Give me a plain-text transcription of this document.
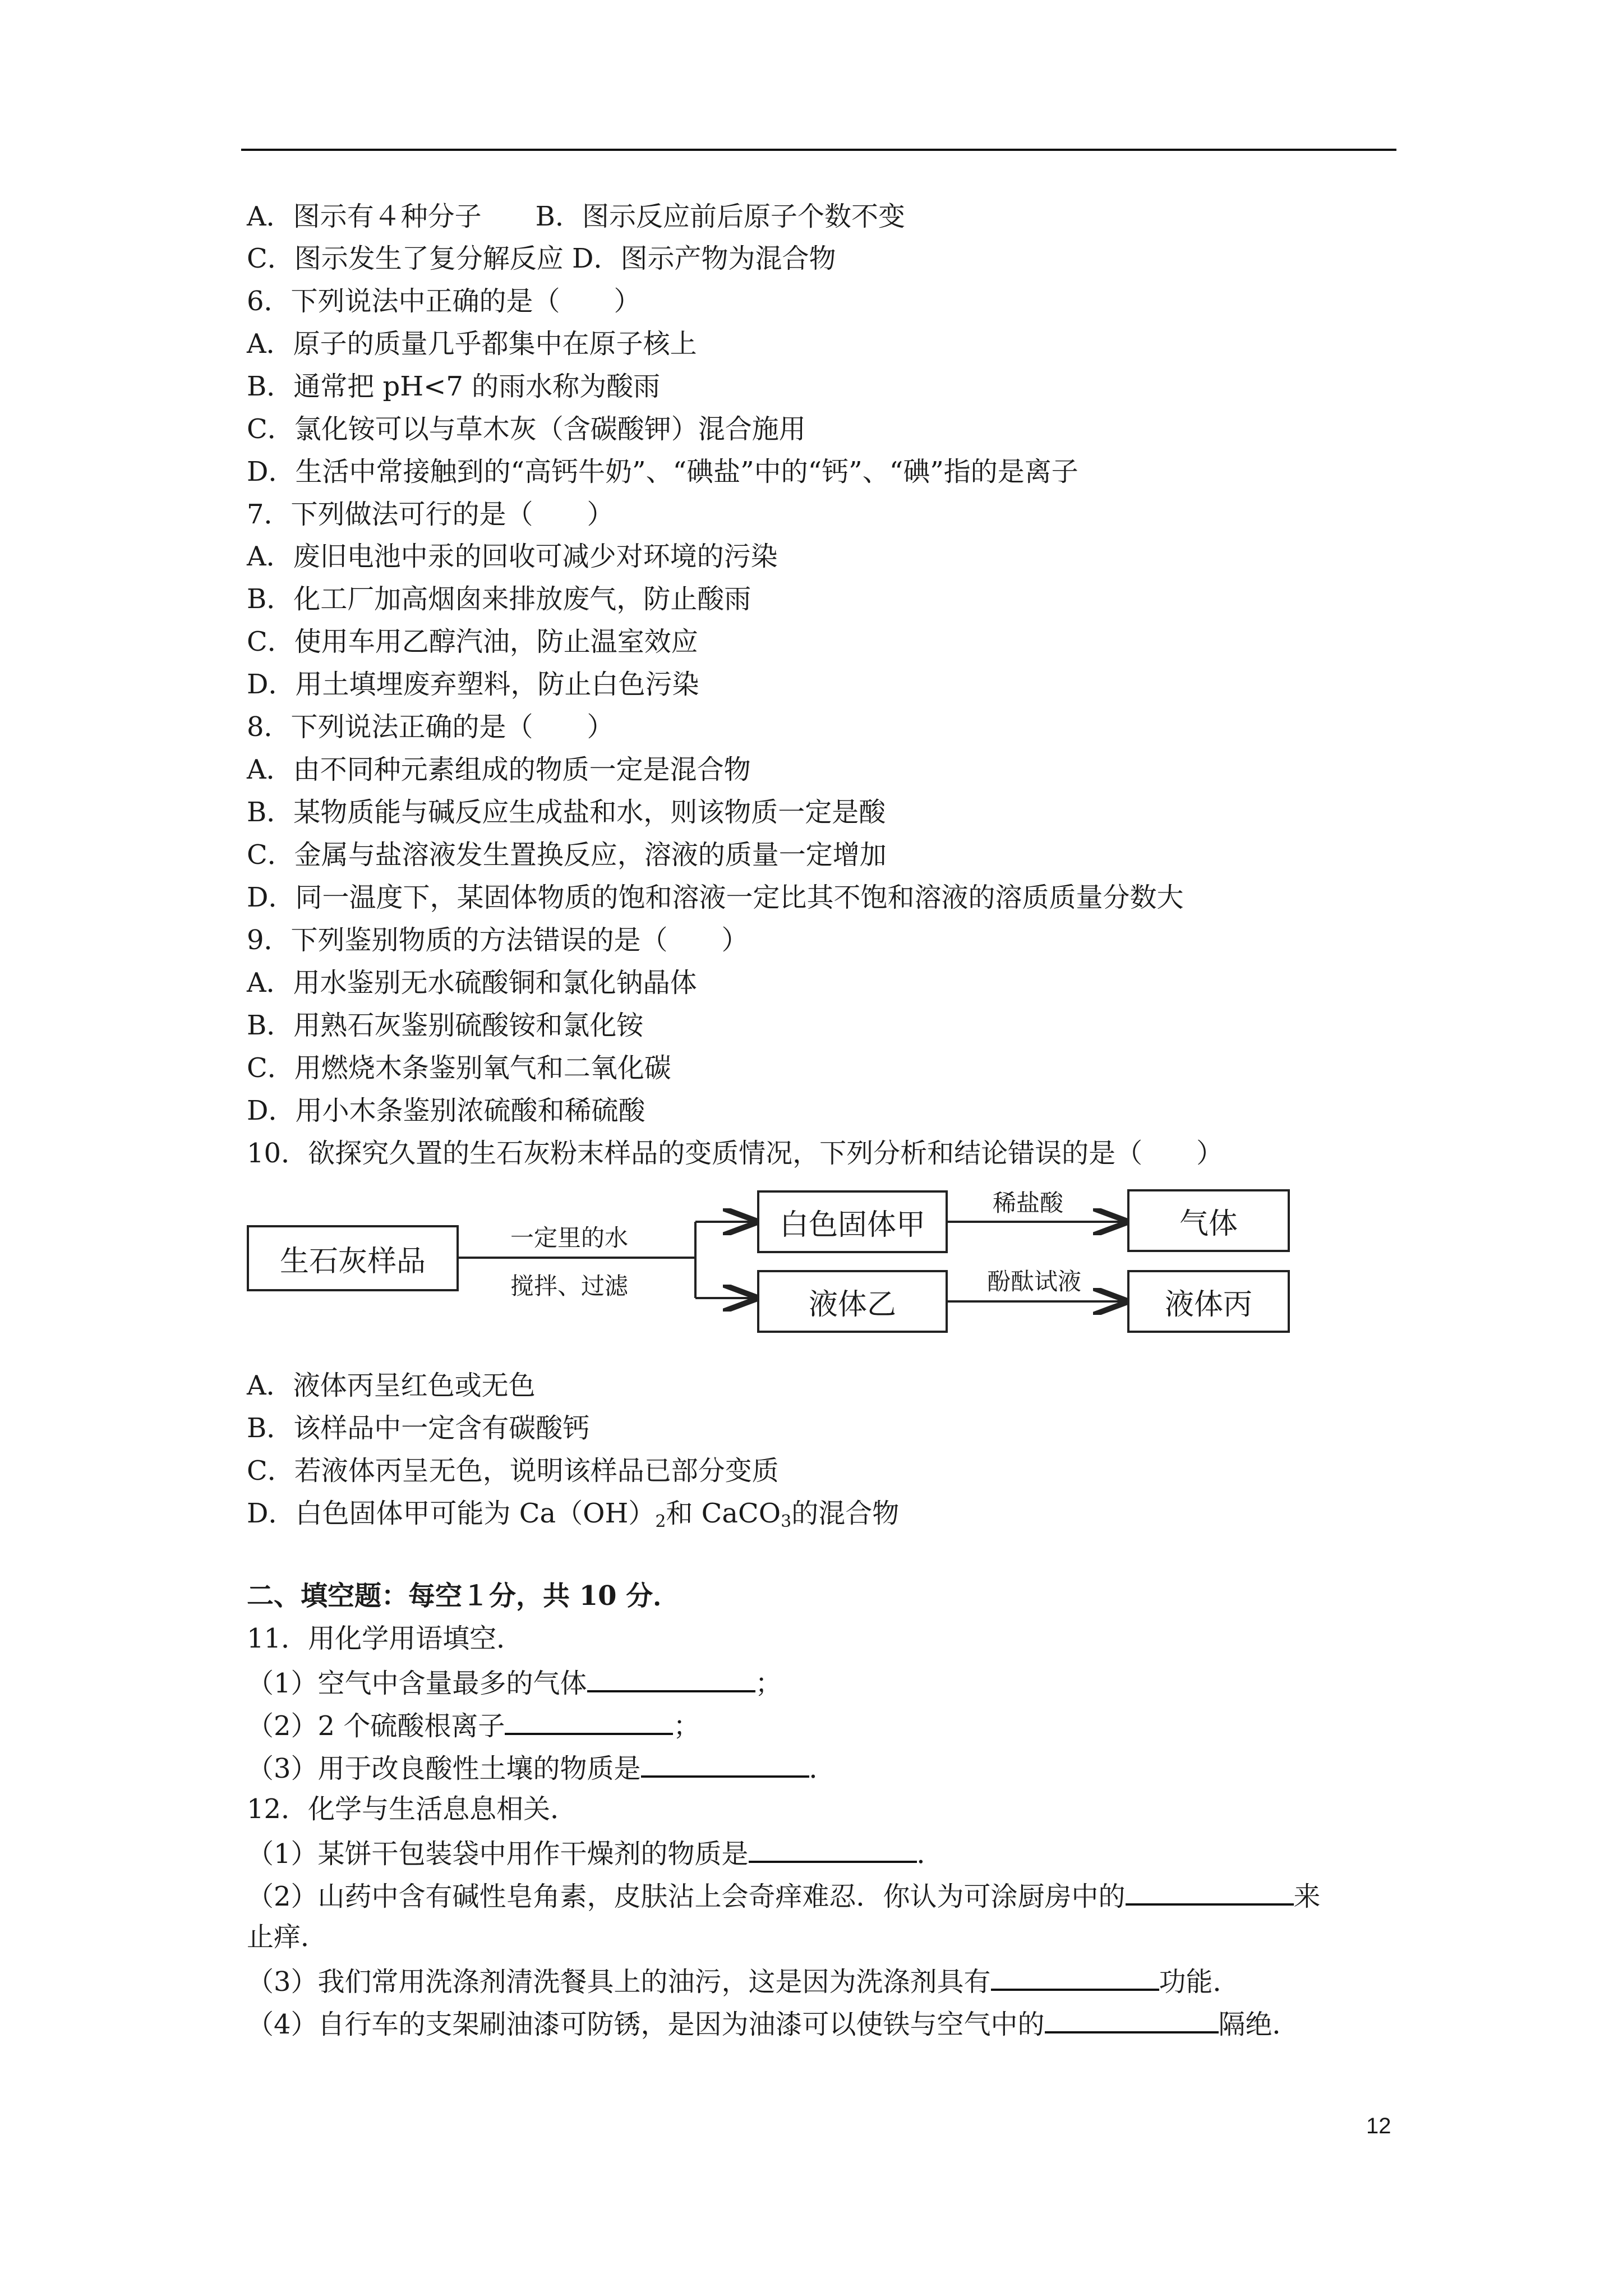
A．图示有４种分子　　B．图示反应前后原子个数不变
C．图示发生了复分解反应 D．图示产物为混合物
6．下列说法中正确的是（　　）
A．原子的质量几乎都集中在原子核上
B．通常把 pH<7 的雨水称为酸雨
C．氯化铵可以与草木灰（含碳酸钾）混合施用
D．生活中常接触到的“高钙牛奶”、“碘盐”中的“钙”、“碘”指的是离子
7．下列做法可行的是（　　）
A．废旧电池中汞的回收可减少对环境的污染
B．化工厂加高烟囱来排放废气，防止酸雨
C．使用车用乙醇汽油，防止温室效应
D．用土填埋废弃塑料，防止白色污染
8．下列说法正确的是（　　）
A．由不同种元素组成的物质一定是混合物
B．某物质能与碱反应生成盐和水，则该物质一定是酸
C．金属与盐溶液发生置换反应，溶液的质量一定增加
D．同一温度下，某固体物质的饱和溶液一定比其不饱和溶液的溶质质量分数大
9．下列鉴别物质的方法错误的是（　　）
A．用水鉴别无水硫酸铜和氯化钠晶体
B．用熟石灰鉴别硫酸铵和氯化铵
C．用燃烧木条鉴别氧气和二氧化碳
D．用小木条鉴别浓硫酸和稀硫酸
10．欲探究久置的生石灰粉末样品的变质情况，下列分析和结论错误的是（　　）
生石灰样品
一定里的水
搅拌、过滤
白色固体甲
液体乙
稀盐酸
酚酞试液
气体
液体丙
A．液体丙呈红色或无色
B．该样品中一定含有碳酸钙
C．若液体丙呈无色，说明该样品已部分变质
D．白色固体甲可能为 $Ca(OH)_2$和 CaCO$_3$的混合物
二、填空题：每空１分，共 10 分．
11．用化学用语填空．
（1）空气中含量最多的气体	；
（2）2 个硫酸根离子	；
（3）用于改良酸性土壤的物质是	．
12．化学与生活息息相关．
（1）某饼干包装袋中用作干燥剂的物质是	．
（2）山药中含有碱性皂角素，皮肤沾上会奇痒难忍．你认为可涂厨房中的	来
止痒．
（3）我们常用洗涤剂清洗餐具上的油污，这是因为洗涤剂具有	功能．
（4）自行车的支架刷油漆可防锈，是因为油漆可以使铁与空气中的	隔绝．
12
